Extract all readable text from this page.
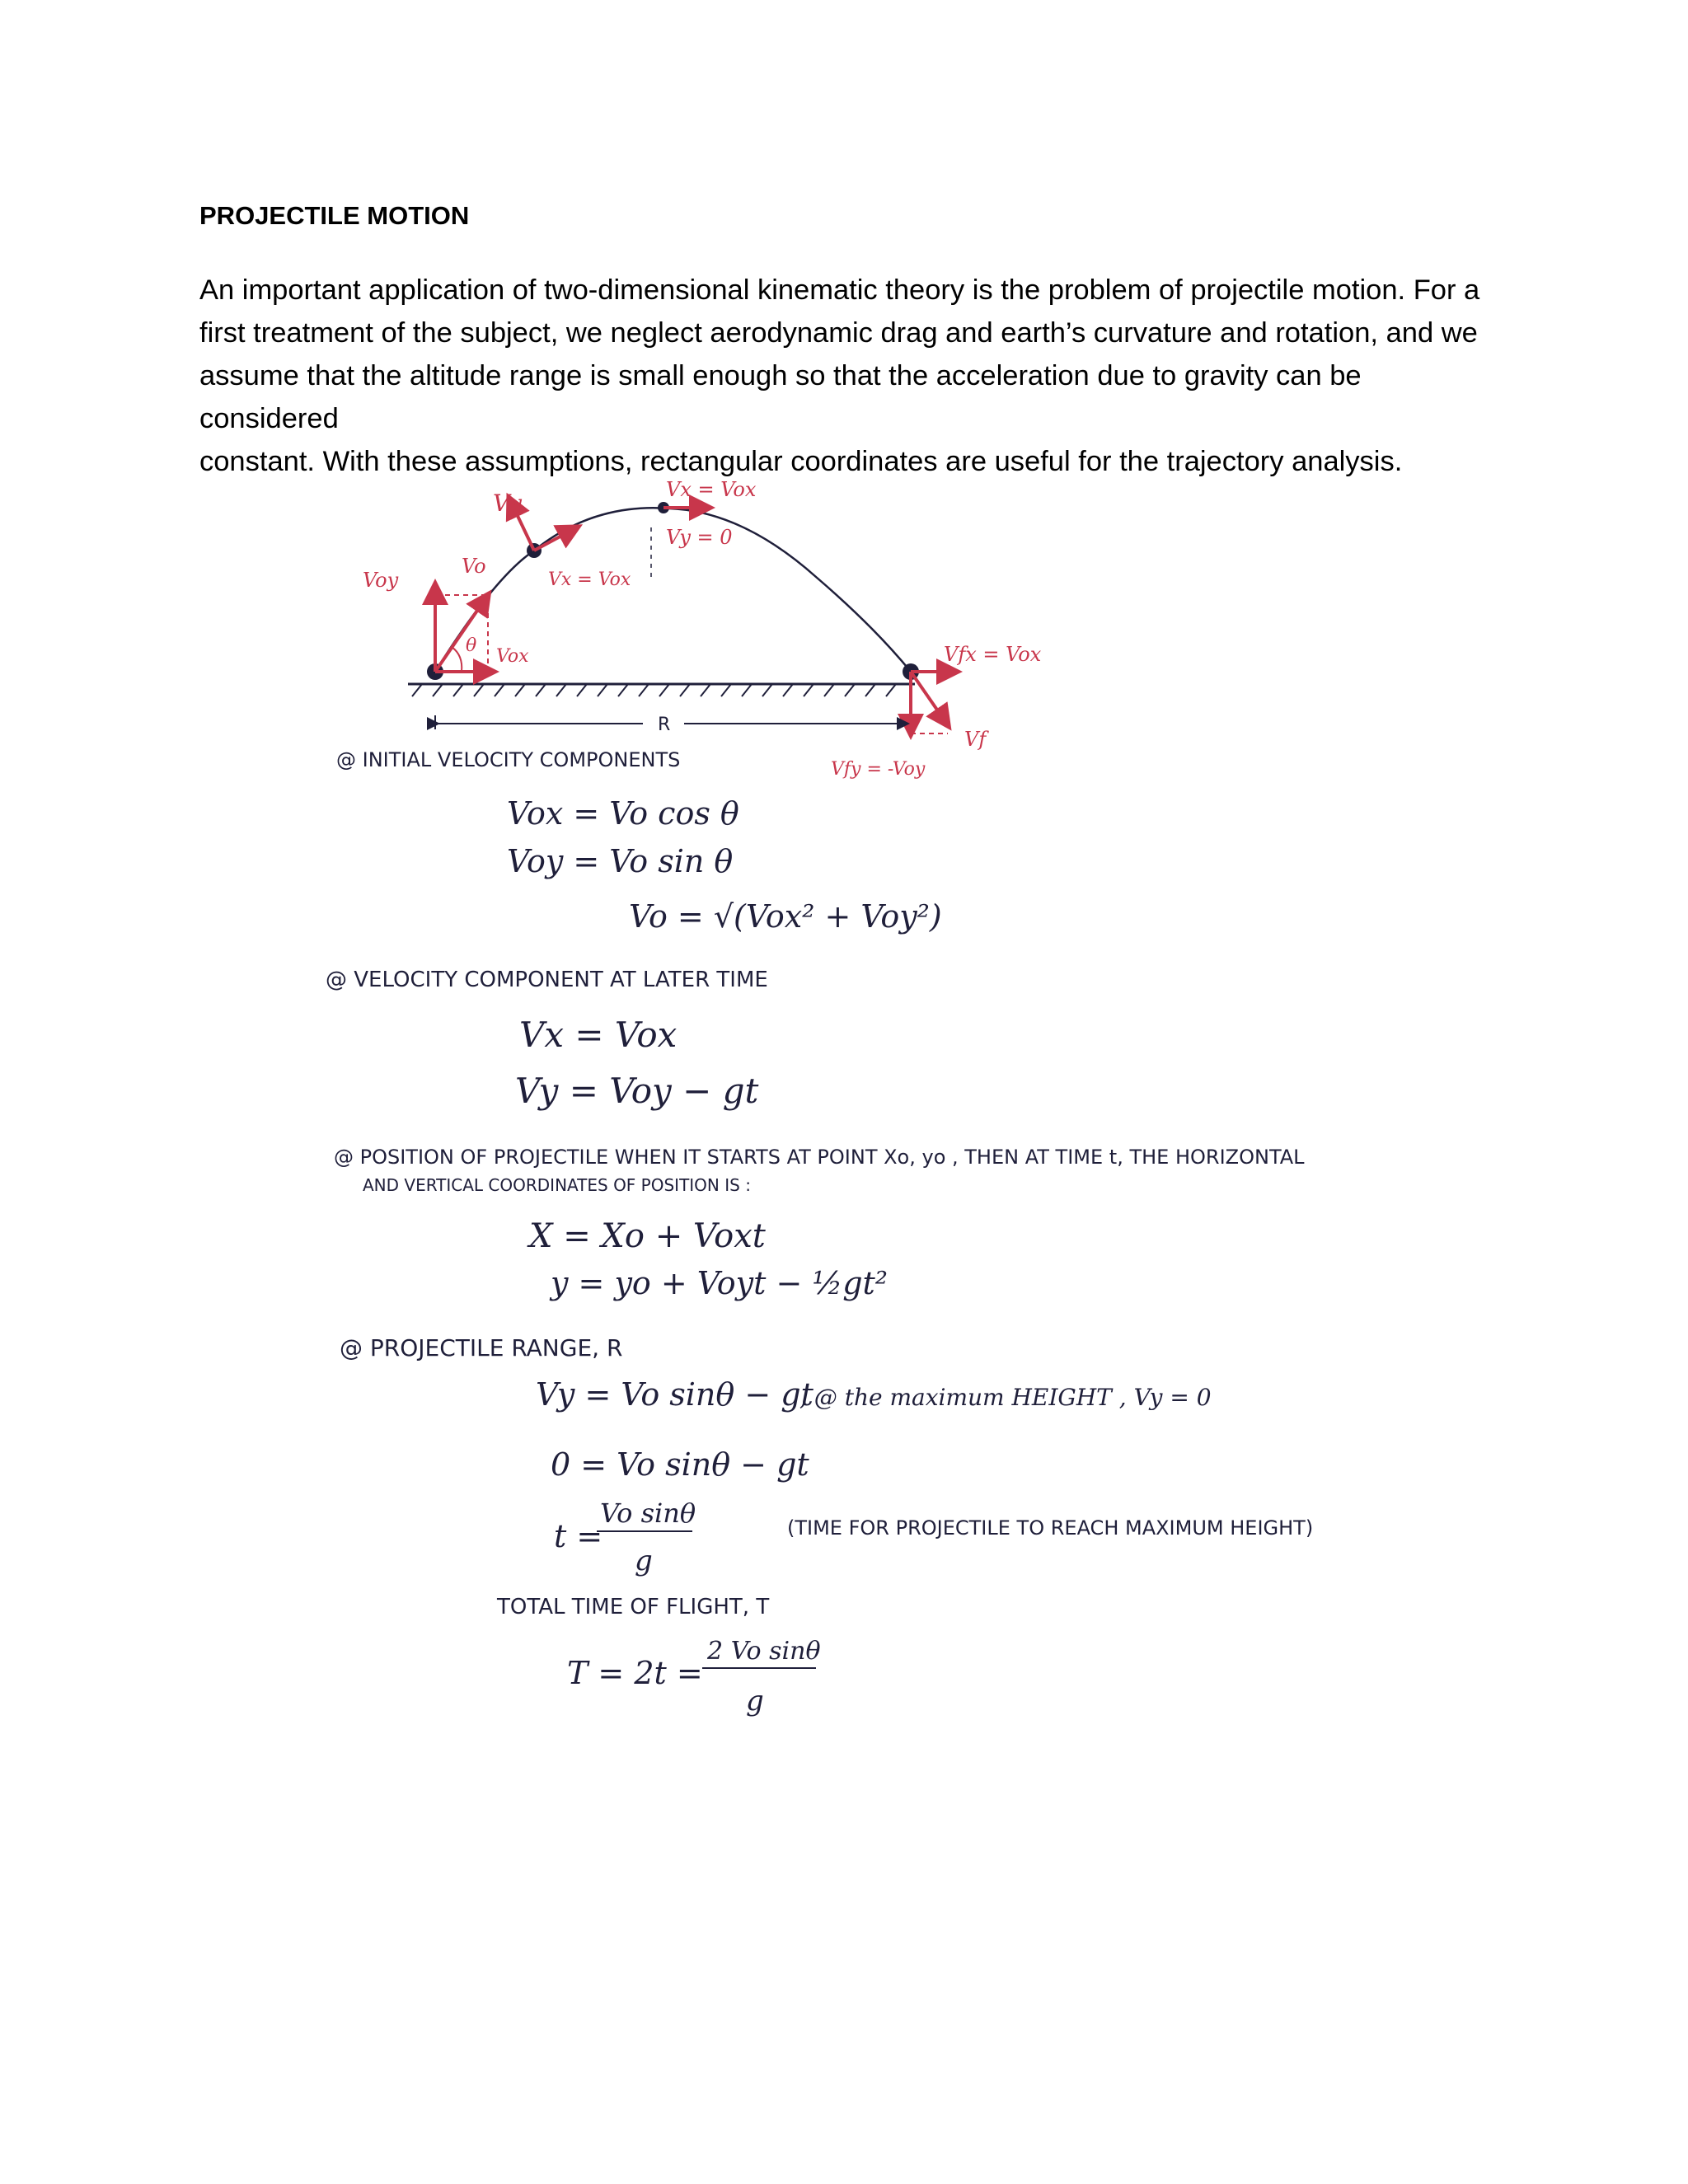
PROJECTILE MOTION

An important application of two-dimensional kinematic theory is the problem of projectile motion. For a

first treatment of the subject, we neglect aerodynamic drag and earth’s curvature and rotation, and we

assume that the altitude range is small enough so that the acceleration due to gravity can be considered

constant. With these assumptions, rectangular coordinates are useful for the trajectory analysis.

Vy	Vx = Vox
Vy = 0
Vo
Voy	Vx = Vox
θ
Vox	Vfx = Vox
Vf
R
Vfy = -Voy
@ INITIAL VELOCITY COMPONENTS
Vox = Vo cos θ
Voy = Vo sin θ
Vo = √(Vox² + Voy²)
@ VELOCITY COMPONENT AT LATER TIME
Vx = Vox
Vy = Voy − gt
@ POSITION OF PROJECTILE WHEN IT STARTS AT POINT Xo, yo , THEN AT TIME t, THE HORIZONTAL
AND VERTICAL COORDINATES OF POSITION IS :
X = Xo + Voxt
y = yo + Voyt − ½gt²
@ PROJECTILE RANGE, R
Vy = Vo sinθ − gt
, @ the maximum HEIGHT , Vy = 0
0 = Vo sinθ − gt
t =
Vo sinθ
g
(TIME FOR PROJECTILE TO REACH MAXIMUM HEIGHT)
TOTAL TIME OF FLIGHT, T
T = 2t =
2 Vo sinθ
g
